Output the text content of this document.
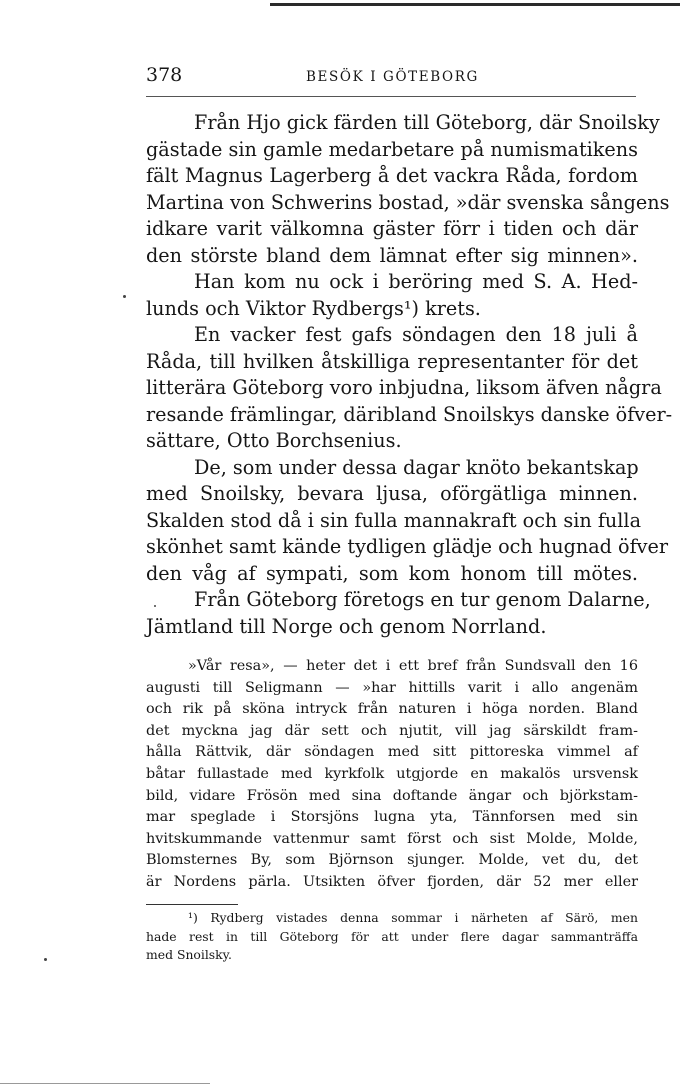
378	BESÖK I GÖTEBORG
Från Hjo gick färden till Göteborg, där Snoilsky
gästade sin gamle medarbetare på numismatikens
fält Magnus Lagerberg å det vackra Råda, fordom
Martina von Schwerins bostad, »där svenska sångens
idkare varit välkomna gäster förr i tiden och där
den störste bland dem lämnat efter sig minnen».
Han kom nu ock i beröring med S. A. Hed-
lunds och Viktor Rydbergs¹) krets.
En vacker fest gafs söndagen den 18 juli å
Råda, till hvilken åtskilliga representanter för det
litterära Göteborg voro inbjudna, liksom äfven några
resande främlingar, däribland Snoilskys danske öfver-
sättare, Otto Borchsenius.
De, som under dessa dagar knöto bekantskap
med Snoilsky, bevara ljusa, oförgätliga minnen.
Skalden stod då i sin fulla mannakraft och sin fulla
skönhet samt kände tydligen glädje och hugnad öfver
den våg af sympati, som kom honom till mötes.
Från Göteborg företogs en tur genom Dalarne,
Jämtland till Norge och genom Norrland.
»Vår resa», — heter det i ett bref från Sundsvall den 16
augusti till Seligmann — »har hittills varit i allo angenäm
och rik på sköna intryck från naturen i höga norden. Bland
det myckna jag där sett och njutit, vill jag särskildt fram-
hålla Rättvik, där söndagen med sitt pittoreska vimmel af
båtar fullastade med kyrkfolk utgjorde en makalös ursvensk
bild, vidare Frösön med sina doftande ängar och björkstam-
mar speglade i Storsjöns lugna yta, Tännforsen med sin
hvitskummande vattenmur samt först och sist Molde, Molde,
Blomsternes By, som Björnson sjunger. Molde, vet du, det
är Nordens pärla. Utsikten öfver fjorden, där 52 mer eller
¹) Rydberg vistades denna sommar i närheten af Särö, men
hade rest in till Göteborg för att under flere dagar sammanträffa
med Snoilsky.
